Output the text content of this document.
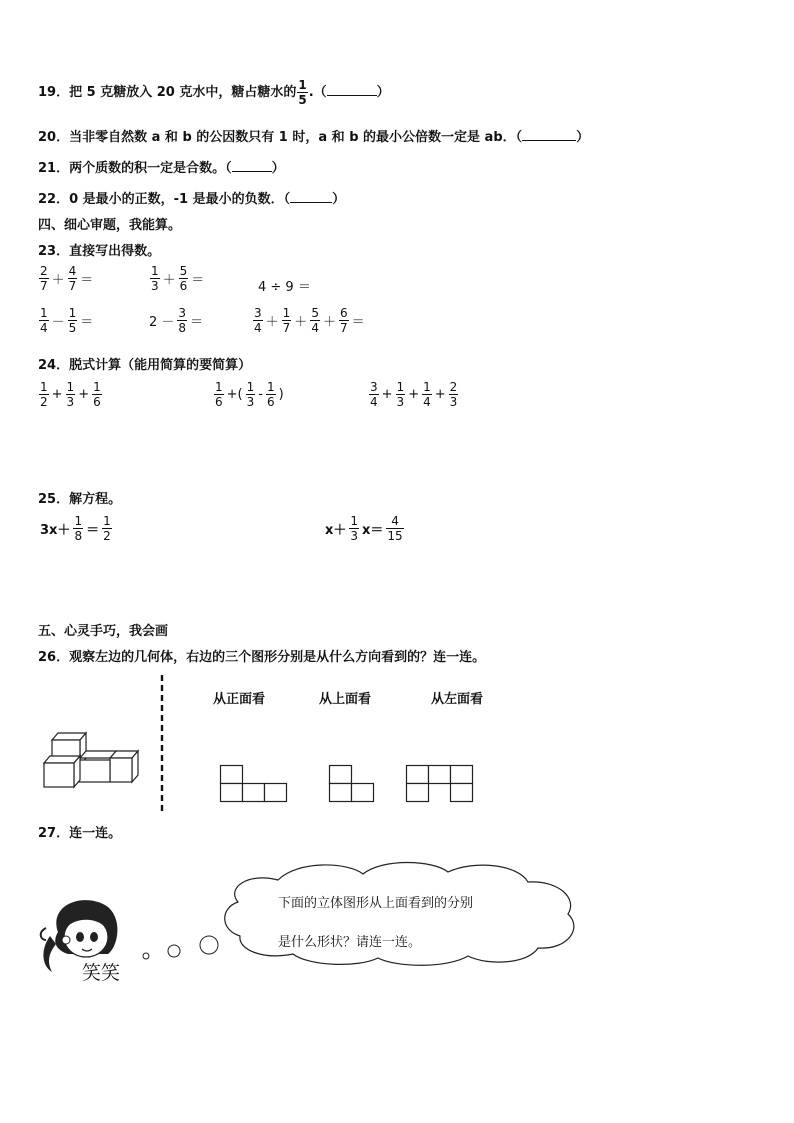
19．把 5 克糖放入 20 克水中，糖占糖水的 $\frac{1}{5}$ .（	）
20．当非零自然数 a 和 b 的公因数只有 1 时，a 和 b 的最小公倍数一定是 ab．（	）
21．两个质数的积一定是合数。（	）
22．0 是最小的正数，-1 是最小的负数．（	）
四、细心审题，我能算。
23．直接写出得数。
$\frac{2}{7} + \frac{4}{7}$ ＝	$\frac{1}{3} + \frac{5}{6}$ ＝	4 ÷ 9 ＝
$\frac{1}{4} - \frac{1}{5}$ ＝	$2 - \frac{3}{8}$ ＝	$\frac{3}{4} + \frac{1}{7} + \frac{5}{4} + \frac{6}{7}$ ＝
24．脱式计算（能用简算的要简算）
$\frac{1}{2} + \frac{1}{3} + \frac{1}{6}$	$\frac{1}{6}$ +( $\frac{1}{3} - \frac{1}{6}$ )	$\frac{3}{4} + \frac{1}{3} + \frac{1}{4} + \frac{2}{3}$
25．解方程。
$3x+ \frac{1}{8} = \frac{1}{2}$	$x+ \frac{1}{3} x= \frac{4}{15}$
五、心灵手巧，我会画
26．观察左边的几何体，右边的三个图形分别是从什么方向看到的？连一连。
从正面看	从上面看	从左面看
27．连一连。
笑笑
下面的立体图形从上面看到的分别
是什么形状？请连一连。
